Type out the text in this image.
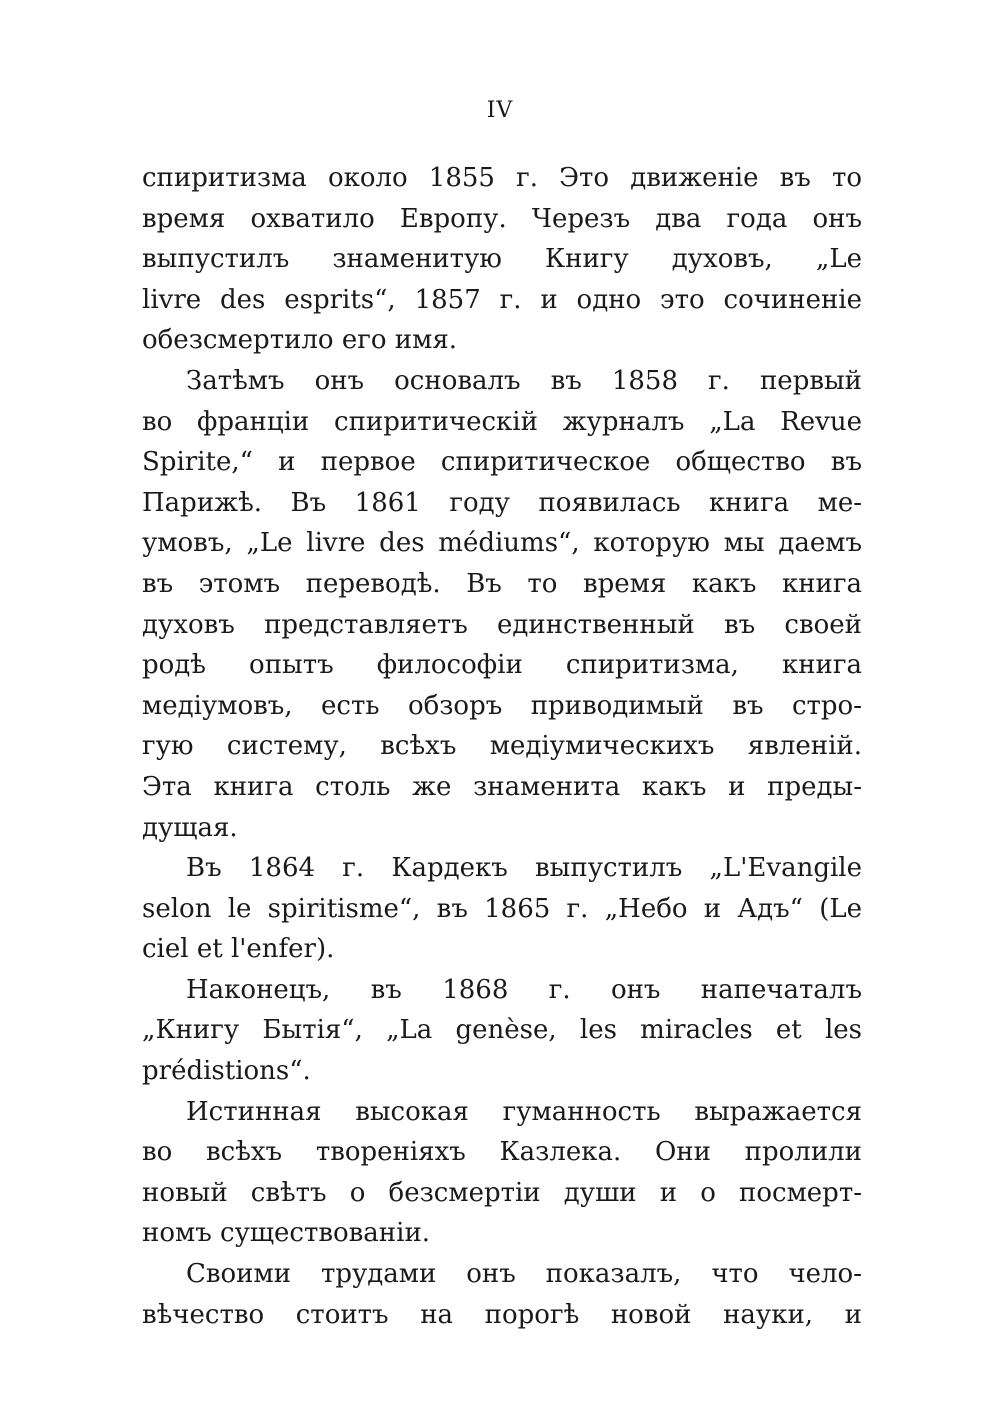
IV
спиритизма около 1855 г. Это движенie въ то
время охватило Европу. Черезъ два года онъ
выпустилъ знаменитую Книгу духовъ, „Le
livre des esprits“, 1857 г. и одно это сочиненie
обезсмертило его имя.
Затѣмъ онъ основалъ въ 1858 г. первый
во францiи спиритическiй журналъ „La Revue
Spirite,“ и первое спиритическое общество въ
Парижѣ. Въ 1861 году появилась книга ме-
умовъ, „Le livre des médiums“, которую мы даемъ
въ этомъ переводѣ. Въ то время какъ книга
духовъ представляетъ единственный въ своей
родѣ опытъ философiи спиритизма, книга
медiумовъ, есть обзоръ приводимый въ стро-
гую систему, всѣхъ медiумическихъ явленiй.
Эта книга столь же знаменита какъ и преды-
дущая.
Въ 1864 г. Кардекъ выпустилъ „L'Evangile
selon le spiritisme“, въ 1865 г. „Небо и Адъ“ (Le
ciel et l'enfer).
Наконецъ, въ 1868 г. онъ напечаталъ
„Книгу Бытiя“, „La genèse, les miracles et les
prédistions“.
Истинная высокая гуманность выражается
во всѣхъ творенiяхъ Казлека. Они пролили
новый свѣтъ о безсмертiи души и о посмерт-
номъ существованiи.
Своими трудами онъ показалъ, что чело-
вѣчество стоитъ на порогѣ новой науки, и
